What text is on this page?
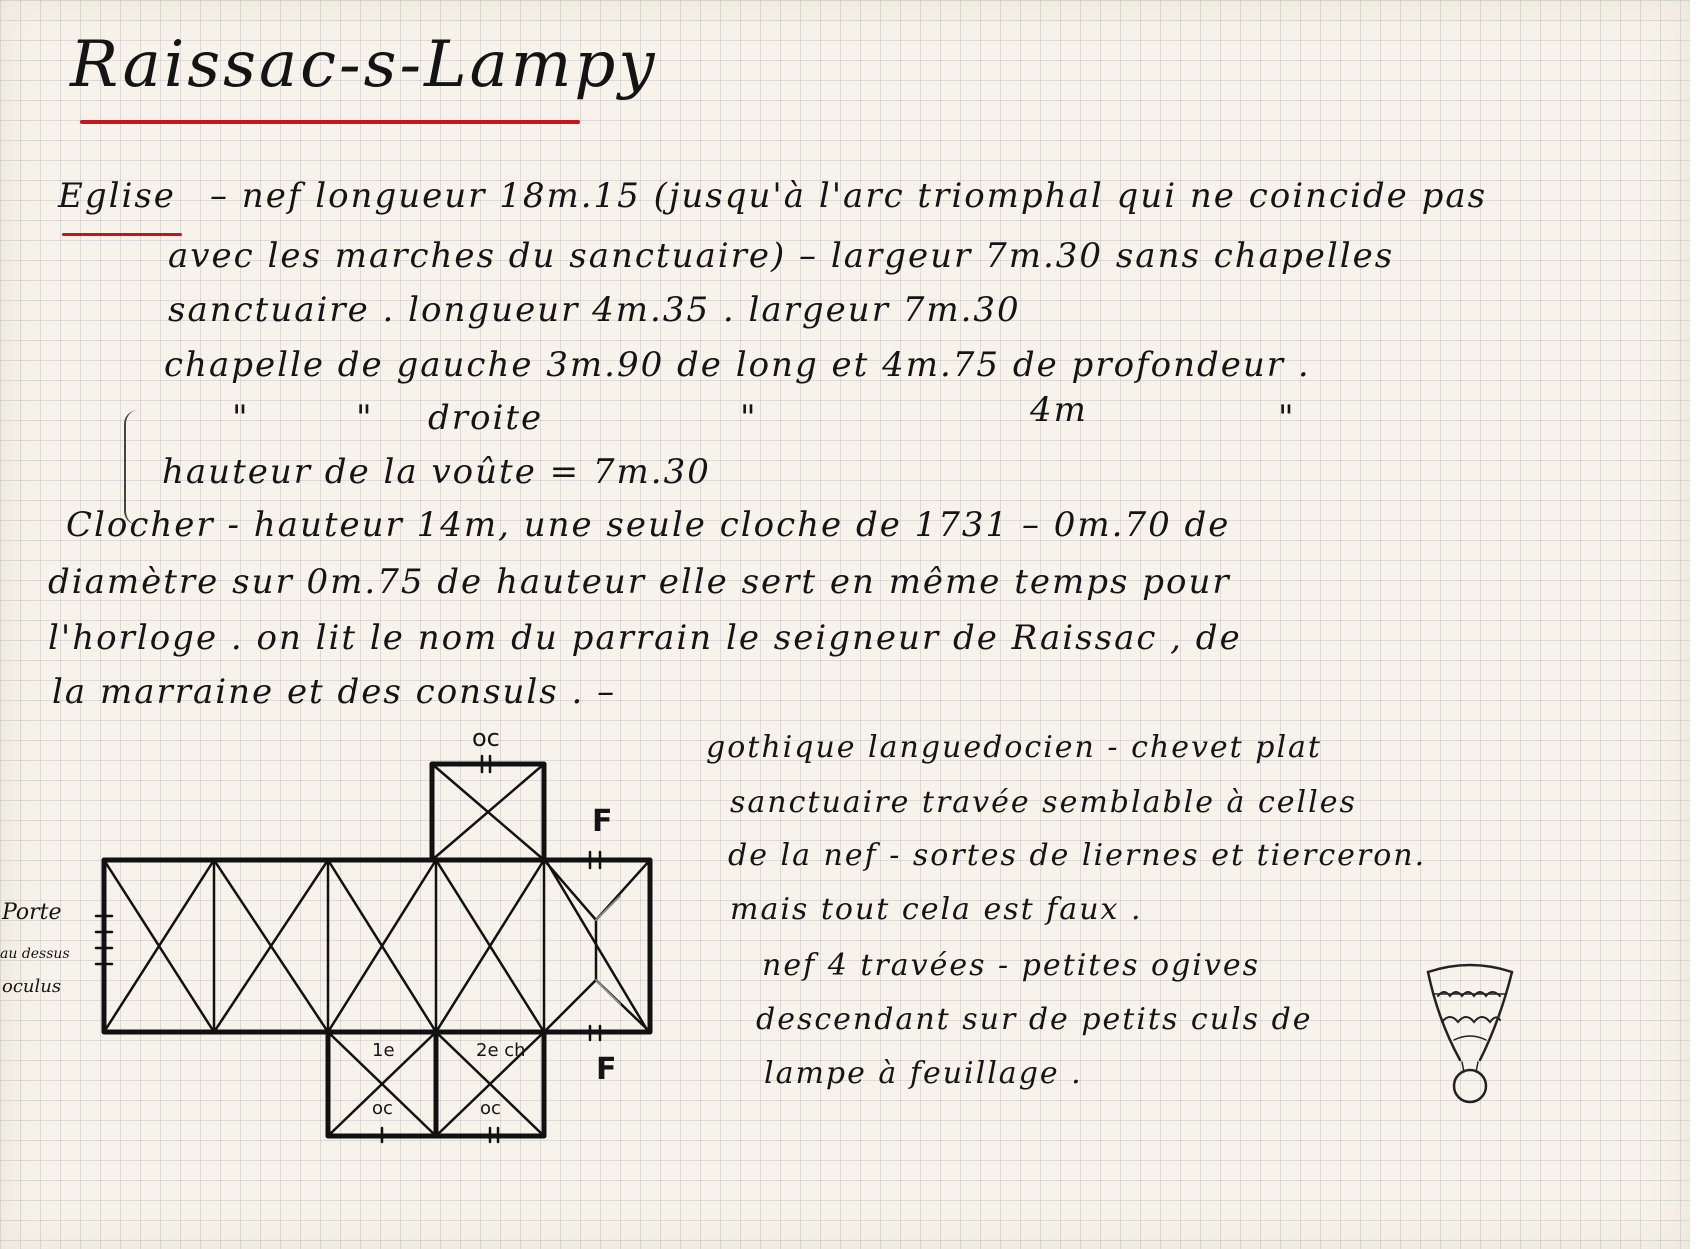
Raissac-s-Lampy
Eglise – nef longueur 18m.15 (jusqu'à l'arc triomphal qui ne coincide pas
avec les marches du sanctuaire) – largeur 7m.30 sans chapelles
sanctuaire . longueur 4m.35 . largeur 7m.30
chapelle de gauche 3m.90 de long et 4m.75 de profondeur .
"	" droite	"	4m	"
hauteur de la voûte = 7m.30
Clocher - hauteur 14m, une seule cloche de 1731 – 0m.70 de
diamètre sur 0m.75 de hauteur elle sert en même temps pour
l'horloge . on lit le nom du parrain le seigneur de Raissac , de
la marraine et des consuls . –
gothique languedocien - chevet plat
sanctuaire travée semblable à celles
de la nef - sortes de liernes et tierceron.
mais tout cela est faux .
nef 4 travées - petites ogives
descendant sur de petits culs de
lampe à feuillage .
oc
F
F
1e	2e ch
oc	oc
Porte
au dessus
oculus
